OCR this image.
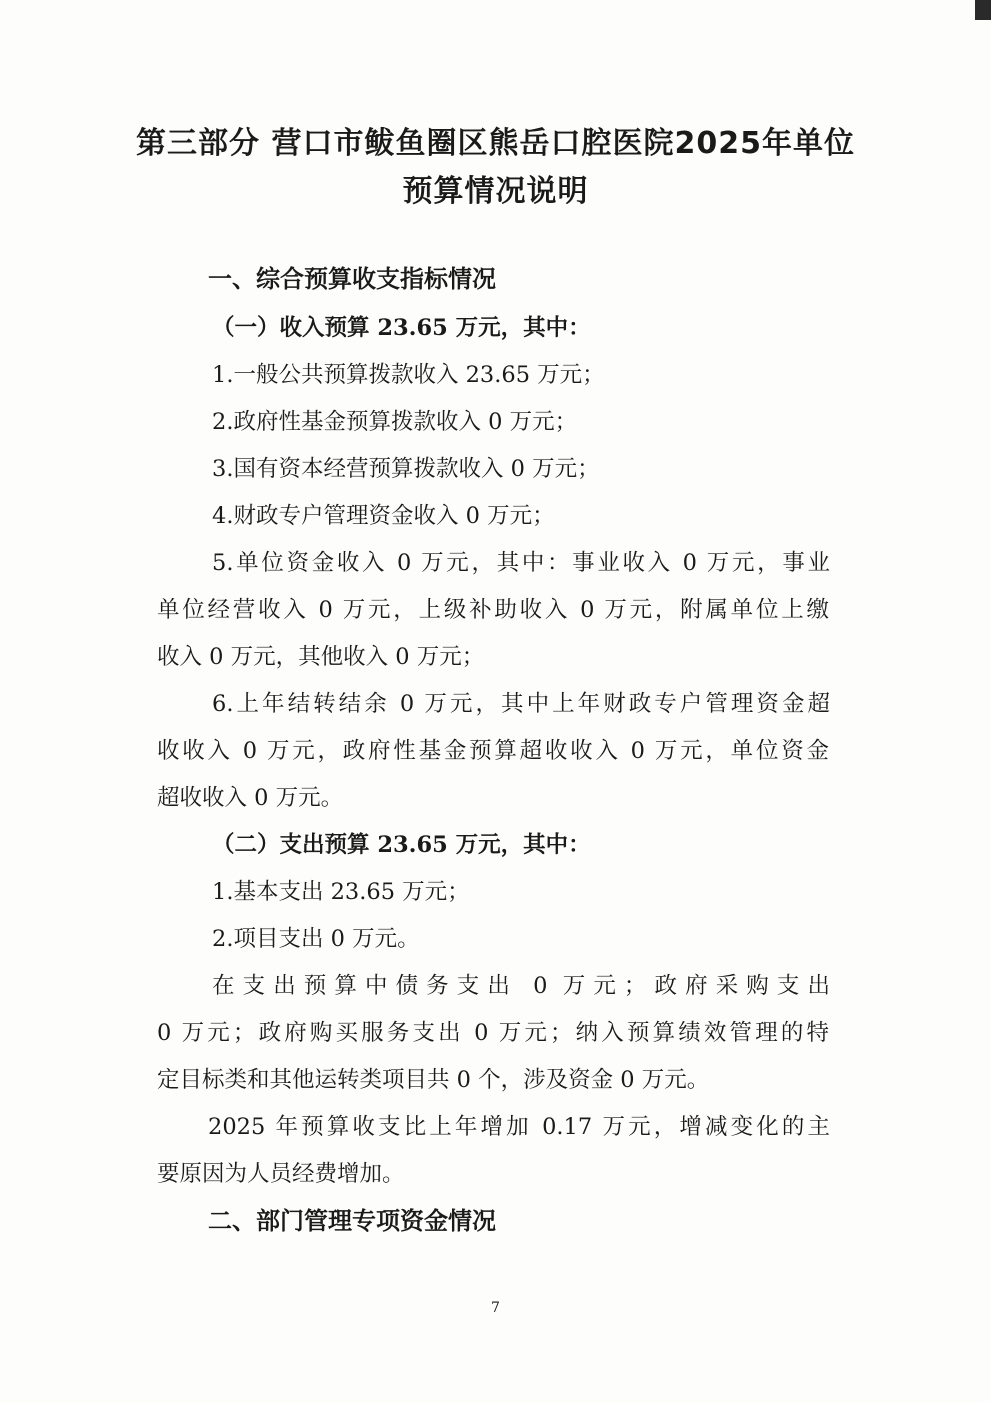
第三部分 营口市鲅鱼圈区熊岳口腔医院2025年单位
预算情况说明
一、综合预算收支指标情况
（一）收入预算 23.65 万元，其中：
1.一般公共预算拨款收入 23.65 万元；
2.政府性基金预算拨款收入 0 万元；
3.国有资本经营预算拨款收入 0 万元；
4.财政专户管理资金收入 0 万元；
5.单位资金收入 0 万元，其中：事业收入 0 万元，事业
单位经营收入 0 万元，上级补助收入 0 万元，附属单位上缴
收入 0 万元，其他收入 0 万元；
6.上年结转结余 0 万元，其中上年财政专户管理资金超
收收入 0 万元，政府性基金预算超收收入 0 万元，单位资金
超收收入 0 万元。
（二）支出预算 23.65 万元，其中：
1.基本支出 23.65 万元；
2.项目支出 0 万元。
在支出预算中债务支出 0 万元；政府采购支出
0 万元；政府购买服务支出 0 万元；纳入预算绩效管理的特
定目标类和其他运转类项目共 0 个，涉及资金 0 万元。
2025 年预算收支比上年增加 0.17 万元，增减变化的主
要原因为人员经费增加。
二、部门管理专项资金情况
7
